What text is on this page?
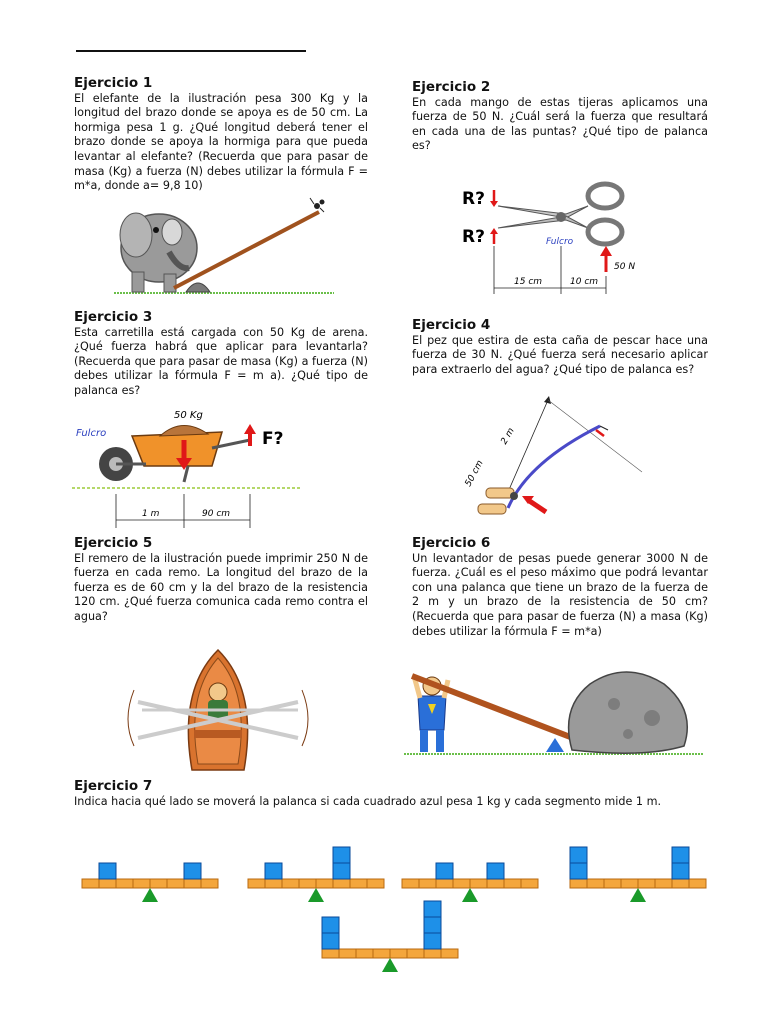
Ejercicio 1

El elefante de la ilustración pesa 300 Kg y la longitud del brazo donde se apoya es de 50 cm. La hormiga pesa 1 g. ¿Qué longitud deberá tener el brazo donde se apoya la hormiga para que pueda levantar al elefante? (Recuerda que para pasar de masa (Kg) a fuerza (N) debes utilizar la fórmula F = m*a, donde a= 9,8 10)

Ejercicio 2

En cada mango de estas tijeras aplicamos una fuerza de 50 N. ¿Cuál será la fuerza que resultará en cada una de las puntas? ¿Qué tipo de palanca es?

Ejercicio 3

Esta carretilla está cargada con 50 Kg de arena. ¿Qué fuerza habrá que aplicar para levantarla? (Recuerda que para pasar de masa (Kg) a fuerza (N) debes utilizar la fórmula F = m a). ¿Qué tipo de palanca es?

Ejercicio 4

El pez que estira de esta caña de pescar hace una fuerza de 30 N. ¿Qué fuerza será necesario aplicar para extraerlo del agua? ¿Qué tipo de palanca es?

Ejercicio 5

El remero de la ilustración puede imprimir 250 N de fuerza en cada remo. La longitud del brazo de la fuerza es de 60 cm y la del brazo de la resistencia 120 cm. ¿Qué fuerza comunica cada remo contra el agua?

Ejercicio 6

Un levantador de pesas puede generar 3000 N de fuerza. ¿Cuál es el peso máximo que podrá levantar con una palanca que tiene un brazo de la fuerza de 2 m y un brazo de la resistencia de 50 cm? (Recuerda que para pasar de fuerza (N) a masa (Kg) debes utilizar la fórmula F = m*a)

Ejercicio 7

Indica hacia qué lado se moverá la palanca si cada cuadrado azul pesa 1 kg y cada segmento mide 1 m.

R?
R?	Fulcro
50 N
15 cm	10 cm
50 Kg
Fulcro	F?
1 m	90 cm
2 m
50 cm
